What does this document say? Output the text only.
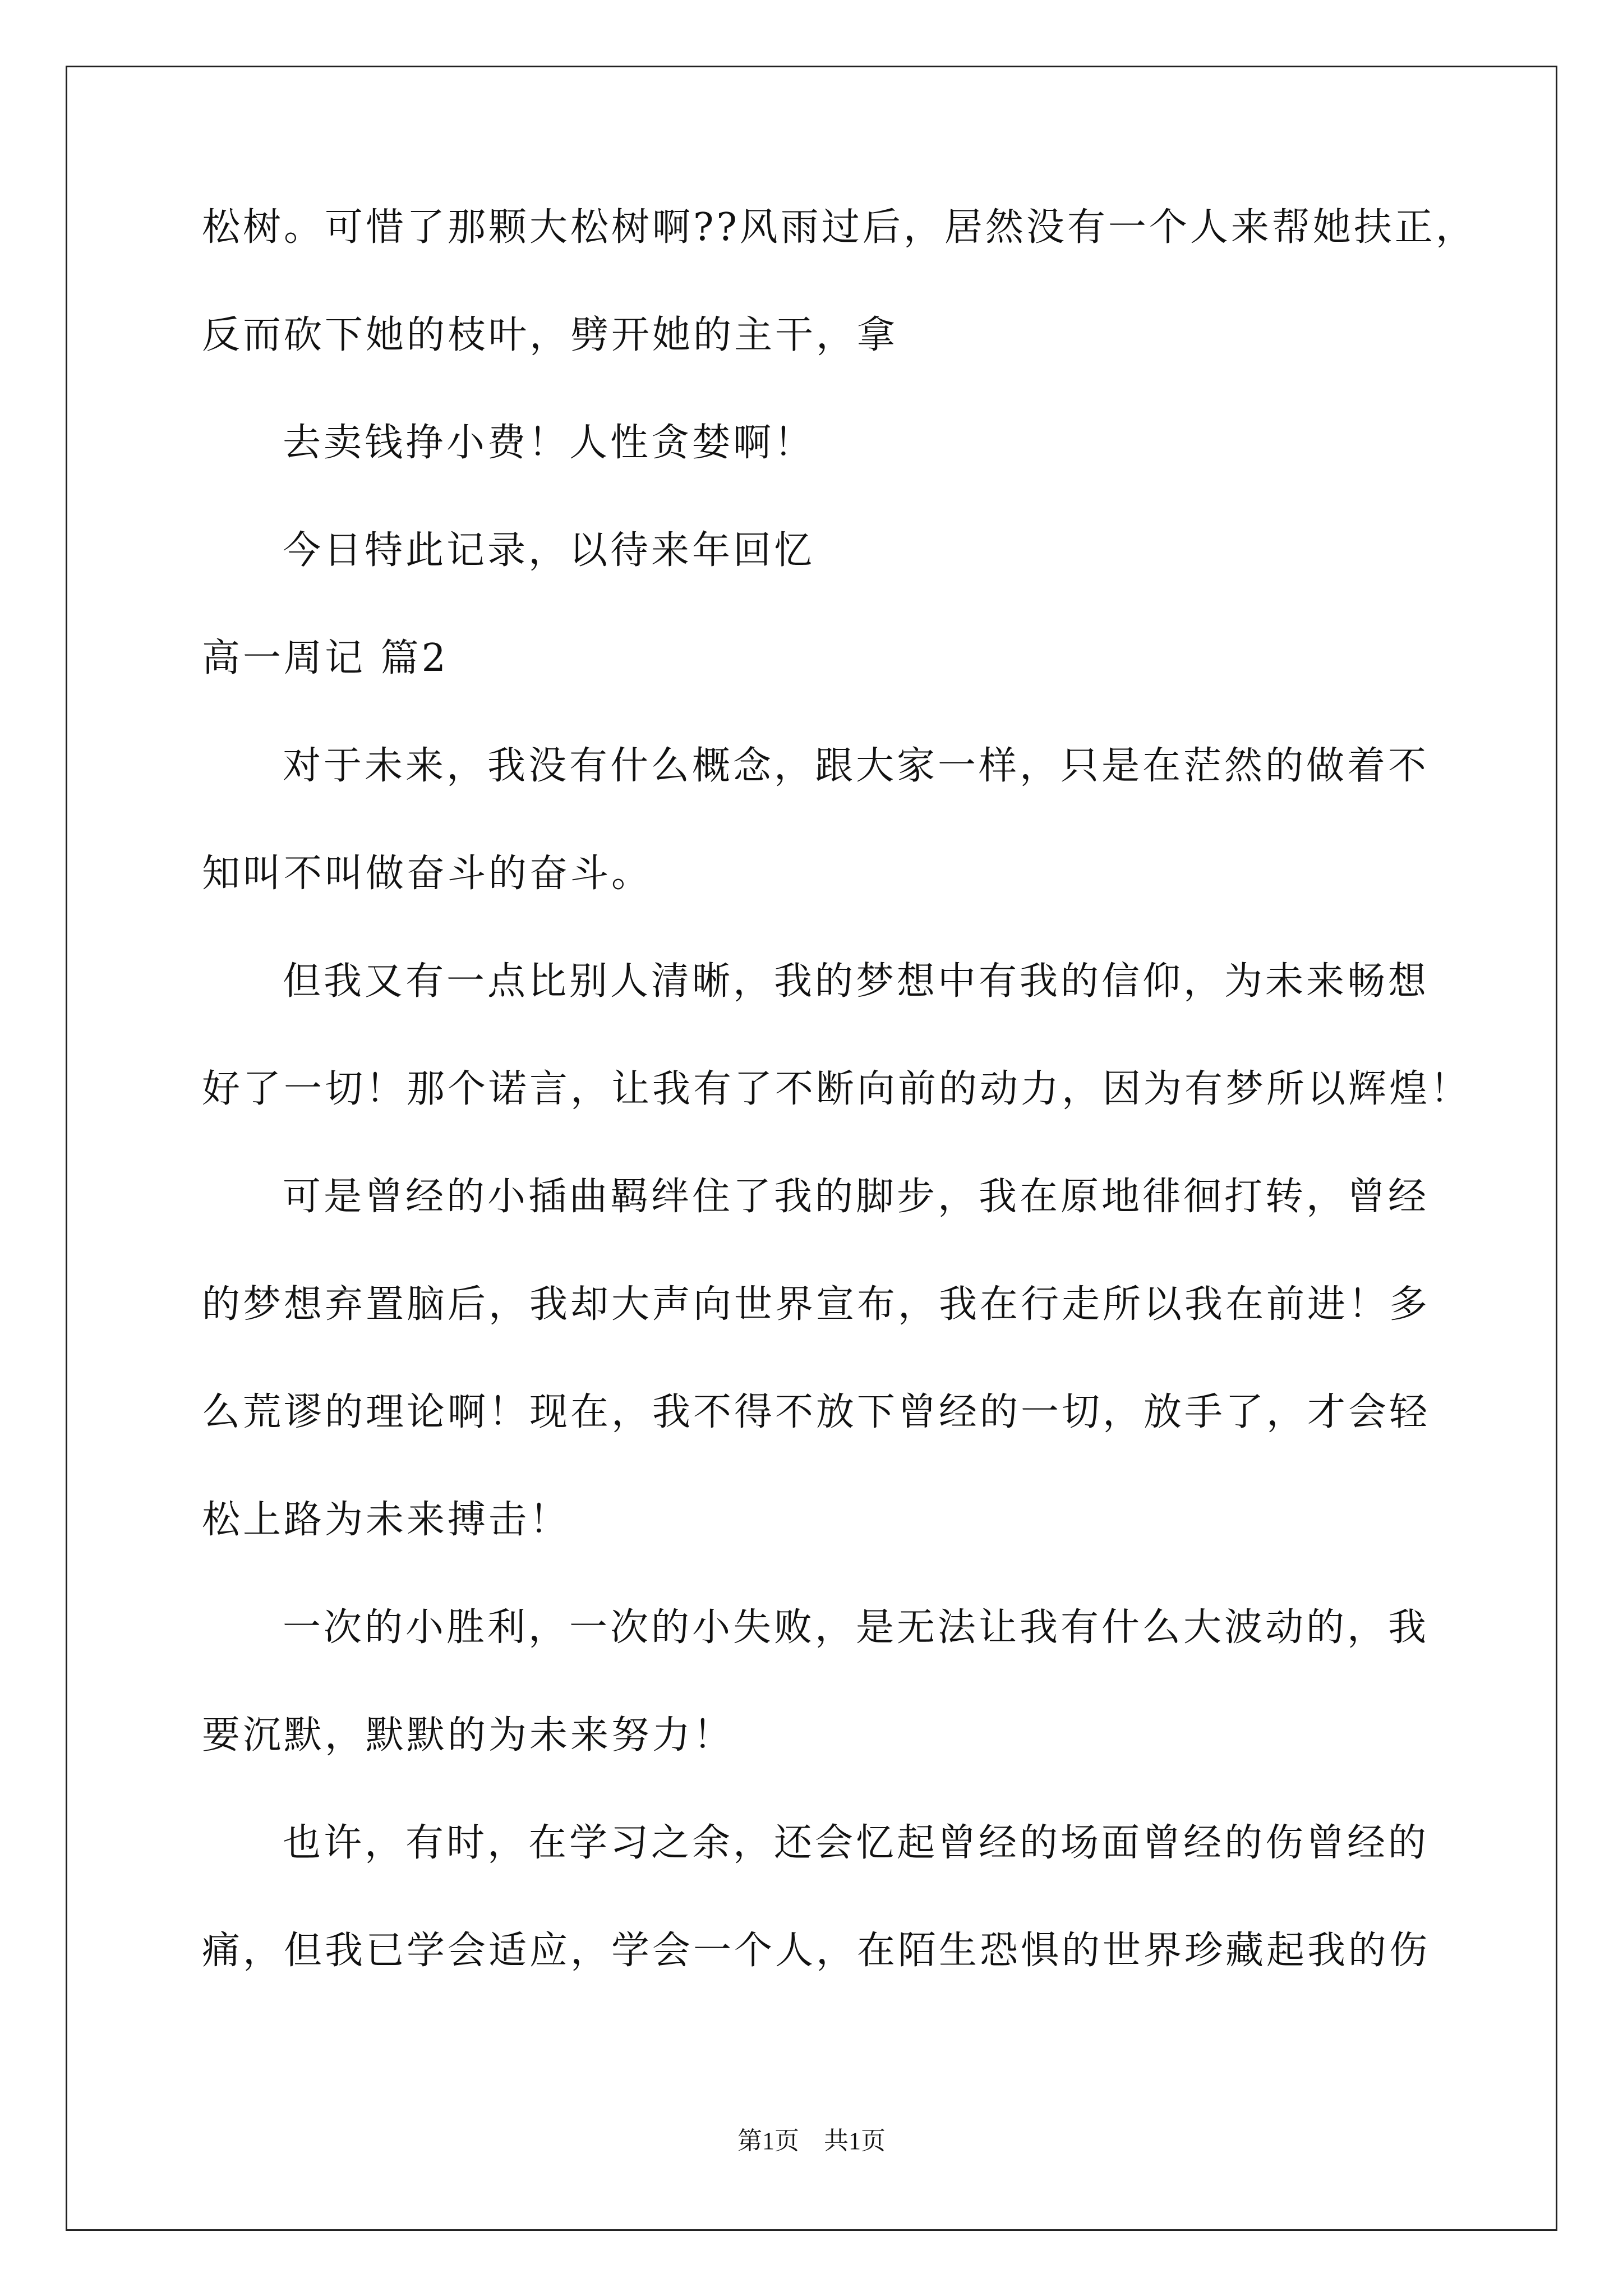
松树。可惜了那颗大松树啊??风雨过后，居然没有一个人来帮她扶正，
反而砍下她的枝叶，劈开她的主干，拿
去卖钱挣小费！人性贪婪啊！
今日特此记录，以待来年回忆
高一周记 篇2
对于未来，我没有什么概念，跟大家一样，只是在茫然的做着不
知叫不叫做奋斗的奋斗。
但我又有一点比别人清晰，我的梦想中有我的信仰，为未来畅想
好了一切！那个诺言，让我有了不断向前的动力，因为有梦所以辉煌！
可是曾经的小插曲羁绊住了我的脚步，我在原地徘徊打转，曾经
的梦想弃置脑后，我却大声向世界宣布，我在行走所以我在前进！多
么荒谬的理论啊！现在，我不得不放下曾经的一切，放手了，才会轻
松上路为未来搏击！
一次的小胜利，一次的小失败，是无法让我有什么大波动的，我
要沉默，默默的为未来努力！
也许，有时，在学习之余，还会忆起曾经的场面曾经的伤曾经的
痛，但我已学会适应，学会一个人，在陌生恐惧的世界珍藏起我的伤
第1页　共1页
